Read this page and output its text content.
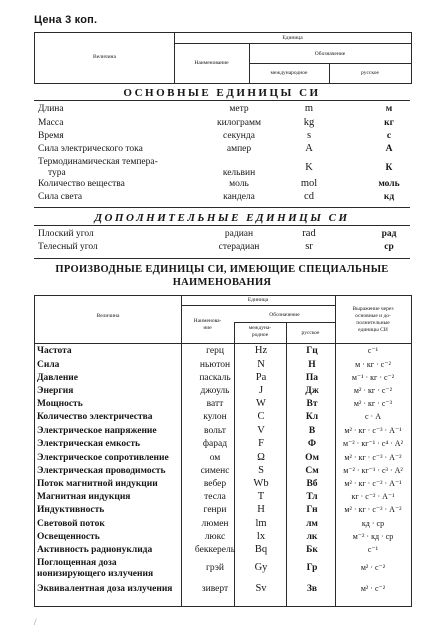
Цена 3 коп.
Величина
Единица
Наименование
Обозначение
международное	русское
ОСНОВНЫЕ ЕДИНИЦЫ СИ
Длина	метр	m	м
Масса	килограмм	kg	кг
Время	секунда	s	с
Сила электрического тока	ампер	A	А
Термодинамическая темпера-
тура	кельвин	K	К
Количество вещества	моль	mol	моль
Сила света	кандела	cd	кд
ДОПОЛНИТЕЛЬНЫЕ ЕДИНИЦЫ СИ
Плоский угол	радиан	rad	рад
Телесный угол	стерадиан	sr	ср
ПРОИЗВОДНЫЕ ЕДИНИЦЫ СИ, ИМЕЮЩИЕ СПЕЦИАЛЬНЫЕ
НАИМЕНОВАНИЯ
Величина
Единица
Наименова-
ние
Обозначение
междуна-
родное	русское
Выражение через
основные и до-
полнительные
единицы СИ
Частота	герц	Hz	Гц	с⁻¹
Сила	ньютон	N	Н	м · кг · с⁻²
Давление	паскаль	Pa	Па	м⁻¹ · кг · с⁻²
Энергия	джоуль	J	Дж	м² · кг · с⁻²
Мощность	ватт	W	Вт	м² · кг · с⁻³
Количество электричества	кулон	C	Кл	с · А
Электрическое напряжение	вольт	V	В	м² · кг · с⁻³ · А⁻¹
Электрическая емкость	фарад	F	Ф	м⁻² · кг⁻¹ · с⁴ · А²
Электрическое сопротивление	ом	Ω	Ом	м² · кг · с⁻³ · А⁻²
Электрическая проводимость	сименс	S	См	м⁻² · кг⁻¹ · с³ · А²
Поток магнитной индукции	вебер	Wb	Вб	м² · кг · с⁻² · А⁻¹
Магнитная индукция	тесла	T	Тл	кг · с⁻² · А⁻¹
Индуктивность	генри	H	Гн	м² · кг · с⁻² · А⁻²
Световой поток	люмен	lm	лм	кд · ср
Освещенность	люкс	lx	лк	м⁻² · кд · ср
Активность радионуклида	беккерель	Bq	Бк	с⁻¹
Поглощенная доза
ионизирующего излучения
грэй	Gy	Гр	м² · с⁻²
Эквивалентная доза излучения	зиверт	Sv	Зв	м² · с⁻²
/
